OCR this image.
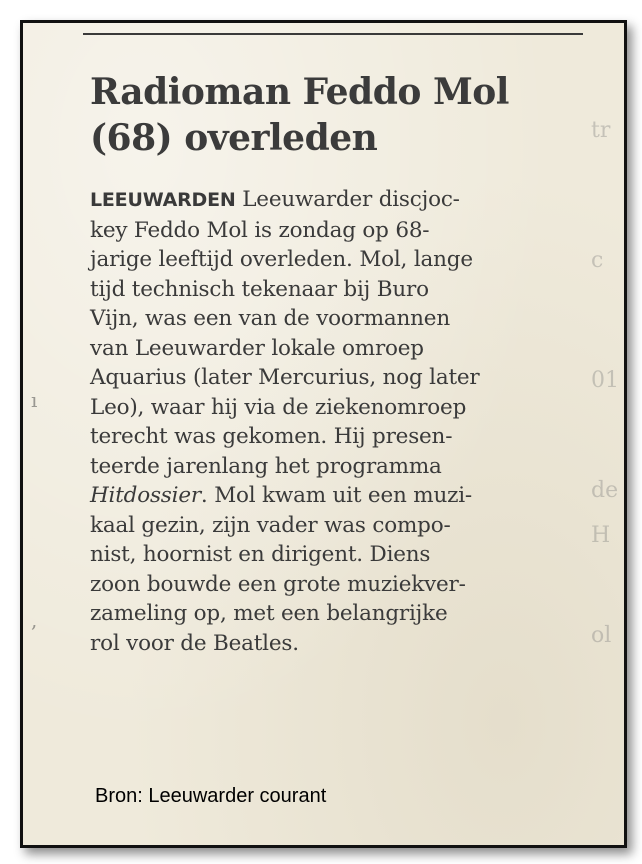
ı
,
tr
c
01
de
H
ol
Radioman Feddo Mol
(68) overleden
LEEUWARDEN Leeuwarder discjoc-
key Feddo Mol is zondag op 68-
jarige leeftijd overleden. Mol, lange
tijd technisch tekenaar bij Buro
Vijn, was een van de voormannen
van Leeuwarder lokale omroep
Aquarius (later Mercurius, nog later
Leo), waar hij via de ziekenomroep
terecht was gekomen. Hij presen-
teerde jarenlang het programma
Hitdossier. Mol kwam uit een muzi-
kaal gezin, zijn vader was compo-
nist, hoornist en dirigent. Diens
zoon bouwde een grote muziekver-
zameling op, met een belangrijke
rol voor de Beatles.
Bron: Leeuwarder courant
